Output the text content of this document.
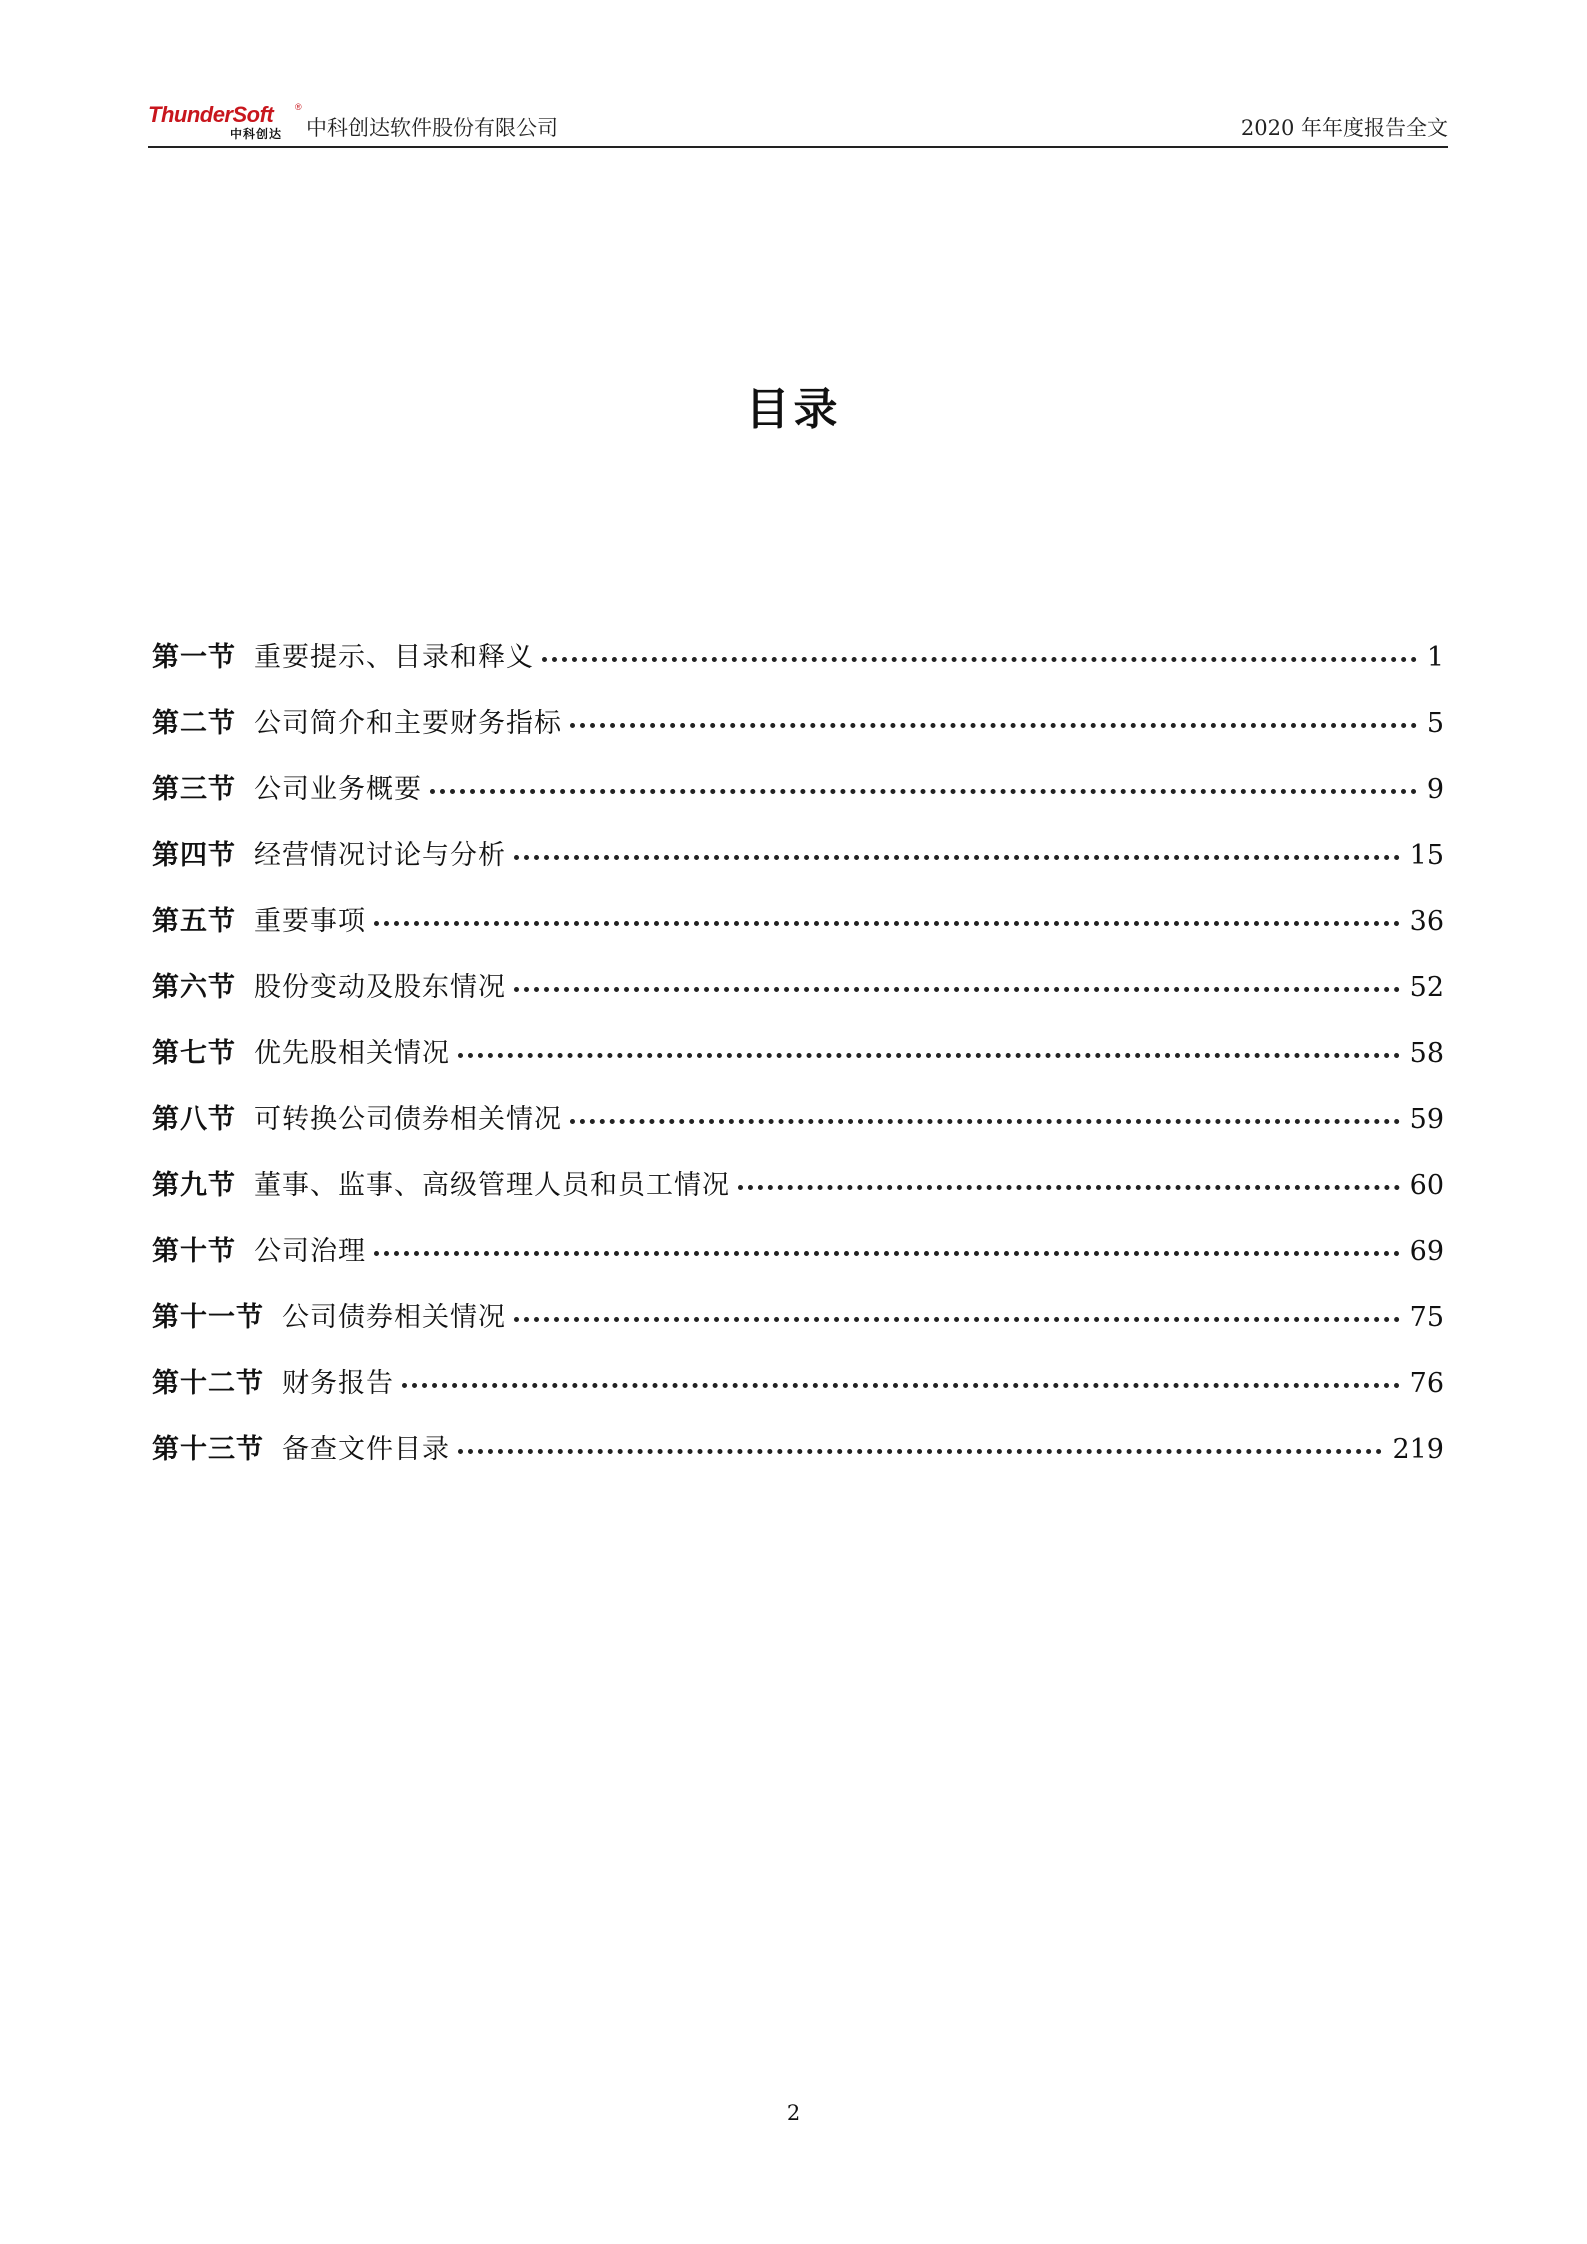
ThunderSoft ®
中科创达 中科创达软件股份有限公司	2020 年年度报告全文
目录
第一节 重要提示、目录和释义	1
第二节 公司简介和主要财务指标	5
第三节 公司业务概要	9
第四节 经营情况讨论与分析	15
第五节 重要事项	36
第六节 股份变动及股东情况	52
第七节 优先股相关情况	58
第八节 可转换公司债券相关情况	59
第九节 董事、监事、高级管理人员和员工情况	60
第十节 公司治理	69
第十一节 公司债券相关情况	75
第十二节 财务报告	76
第十三节 备查文件目录	219
2
